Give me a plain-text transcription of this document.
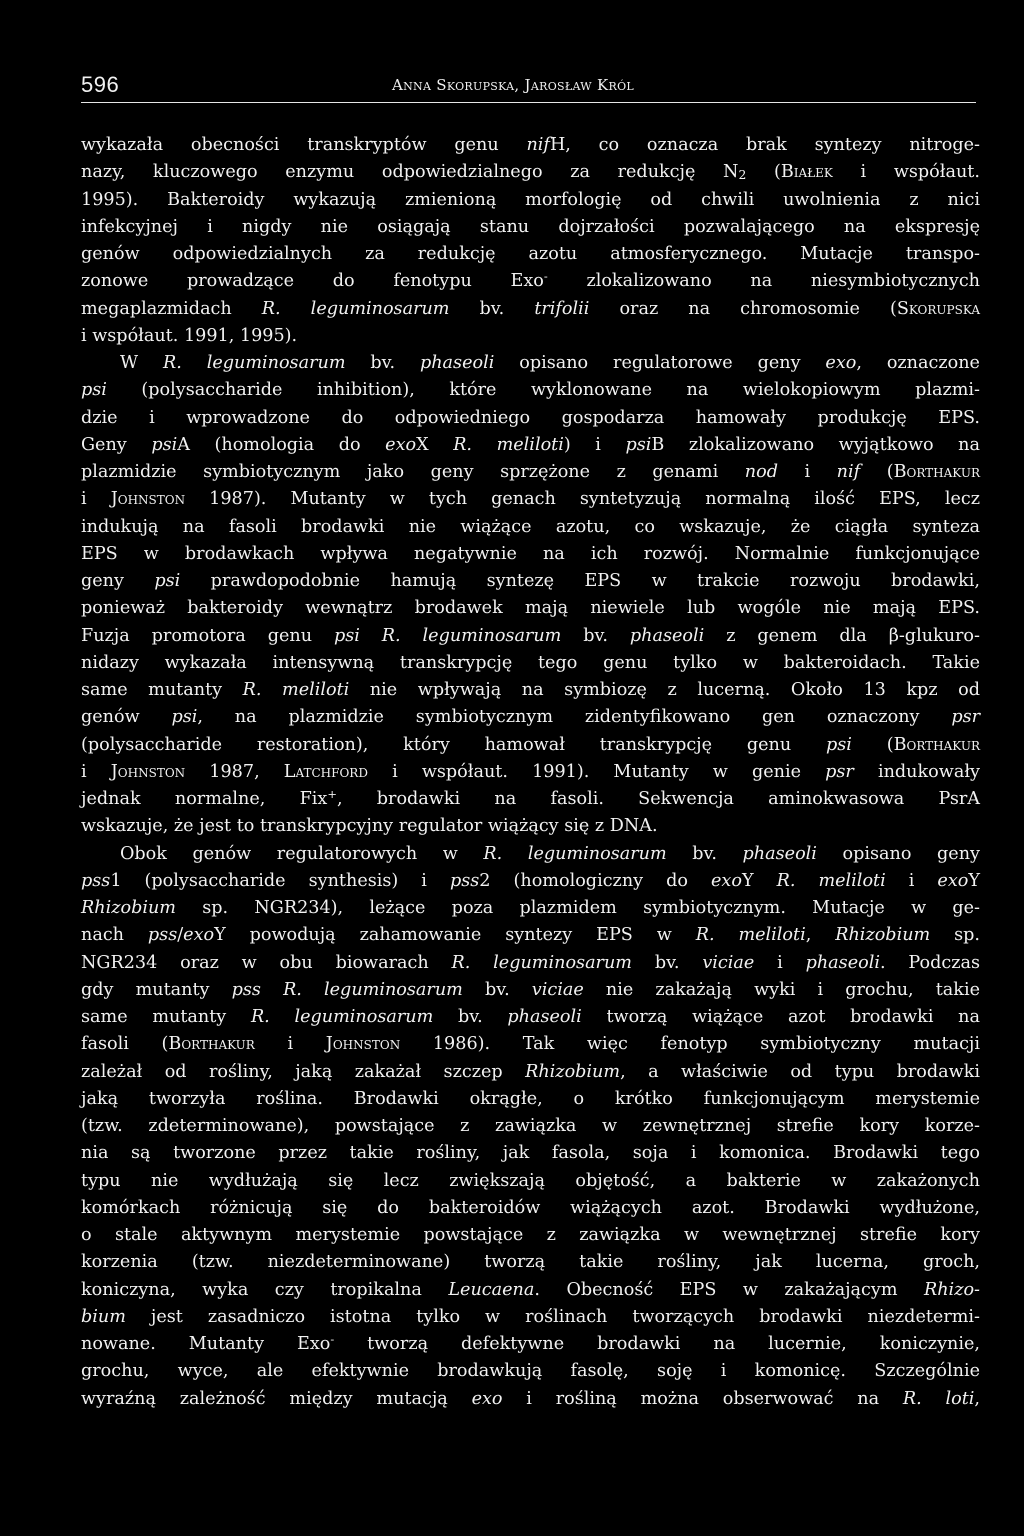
596	Anna Skorupska, Jarosław Król
wykazała obecności transkryptów genu nifH, co oznacza brak syntezy nitroge-
nazy, kluczowego enzymu odpowiedzialnego za redukcję $N_2$ (Białek i współaut.
1995). Bakteroidy wykazują zmienioną morfologię od chwili uwolnienia z nici
infekcyjnej i nigdy nie osiągają stanu dojrzałości pozwalającego na ekspresję
genów odpowiedzialnych za redukcję azotu atmosferycznego. Mutacje transpo-
zonowe prowadzące do fenotypu Exo- zlokalizowano na niesymbiotycznych
megaplazmidach R. leguminosarum bv. trifolii oraz na chromosomie (Skorupska
i współaut. 1991, 1995).
W R. leguminosarum bv. phaseoli opisano regulatorowe geny exo, oznaczone
psi (polysaccharide inhibition), które wyklonowane na wielokopiowym plazmi-
dzie i wprowadzone do odpowiedniego gospodarza hamowały produkcję EPS.
Geny psiA (homologia do exoX R. meliloti) i psiB zlokalizowano wyjątkowo na
plazmidzie symbiotycznym jako geny sprzężone z genami nod i nif (Borthakur
i Johnston 1987). Mutanty w tych genach syntetyzują normalną ilość EPS, lecz
indukują na fasoli brodawki nie wiążące azotu, co wskazuje, że ciągła synteza
EPS w brodawkach wpływa negatywnie na ich rozwój. Normalnie funkcjonujące
geny psi prawdopodobnie hamują syntezę EPS w trakcie rozwoju brodawki,
ponieważ bakteroidy wewnątrz brodawek mają niewiele lub wogóle nie mają EPS.
Fuzja promotora genu psi R. leguminosarum bv. phaseoli z genem dla β-glukuro-
nidazy wykazała intensywną transkrypcję tego genu tylko w bakteroidach. Takie
same mutanty R. meliloti nie wpływają na symbiozę z lucerną. Około 13 kpz od
genów psi, na plazmidzie symbiotycznym zidentyfikowano gen oznaczony psr
(polysaccharide restoration), który hamował transkrypcję genu psi (Borthakur
i Johnston 1987, Latchford i współaut. 1991). Mutanty w genie psr indukowały
jednak normalne, Fix+, brodawki na fasoli. Sekwencja aminokwasowa PsrA
wskazuje, że jest to transkrypcyjny regulator wiążący się z DNA.
Obok genów regulatorowych w R. leguminosarum bv. phaseoli opisano geny
pss1 (polysaccharide synthesis) i pss2 (homologiczny do exoY R. meliloti i exoY
Rhizobium sp. NGR234), leżące poza plazmidem symbiotycznym. Mutacje w ge-
nach pss/exoY powodują zahamowanie syntezy EPS w R. meliloti, Rhizobium sp.
NGR234 oraz w obu biowarach R. leguminosarum bv. viciae i phaseoli. Podczas
gdy mutanty pss R. leguminosarum bv. viciae nie zakażają wyki i grochu, takie
same mutanty R. leguminosarum bv. phaseoli tworzą wiążące azot brodawki na
fasoli (Borthakur i Johnston 1986). Tak więc fenotyp symbiotyczny mutacji
zależał od rośliny, jaką zakażał szczep Rhizobium, a właściwie od typu brodawki
jaką tworzyła roślina. Brodawki okrągłe, o krótko funkcjonującym merystemie
(tzw. zdeterminowane), powstające z zawiązka w zewnętrznej strefie kory korze-
nia są tworzone przez takie rośliny, jak fasola, soja i komonica. Brodawki tego
typu nie wydłużają się lecz zwiększają objętość, a bakterie w zakażonych
komórkach różnicują się do bakteroidów wiążących azot. Brodawki wydłużone,
o stale aktywnym merystemie powstające z zawiązka w wewnętrznej strefie kory
korzenia (tzw. niezdeterminowane) tworzą takie rośliny, jak lucerna, groch,
koniczyna, wyka czy tropikalna Leucaena. Obecność EPS w zakażającym Rhizo-
bium jest zasadniczo istotna tylko w roślinach tworzących brodawki niezdetermi-
nowane. Mutanty Exo- tworzą defektywne brodawki na lucernie, koniczynie,
grochu, wyce, ale efektywnie brodawkują fasolę, soję i komonicę. Szczególnie
wyraźną zależność między mutacją exo i rośliną można obserwować na R. loti,
